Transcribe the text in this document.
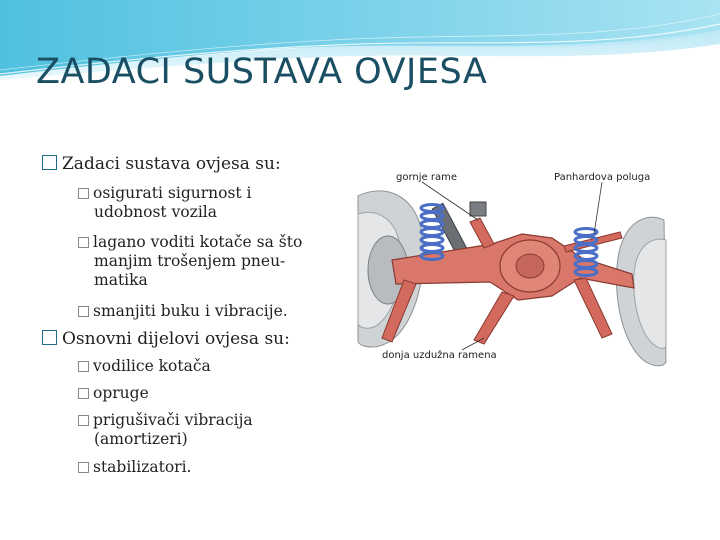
ZADACI SUSTAVA OVJESA
Zadaci sustava ovjesa su:
osigurati sigurnost i
udobnost vozila
lagano voditi kotače sa što
manjim trošenjem pneu-
matika
smanjiti buku i vibracije.
Osnovni dijelovi ovjesa su:
vodilice kotača
opruge
prigušivači vibracija
(amortizeri)
stabilizatori.
gornje rame	Panhardova poluga
donja uzdužna ramena
